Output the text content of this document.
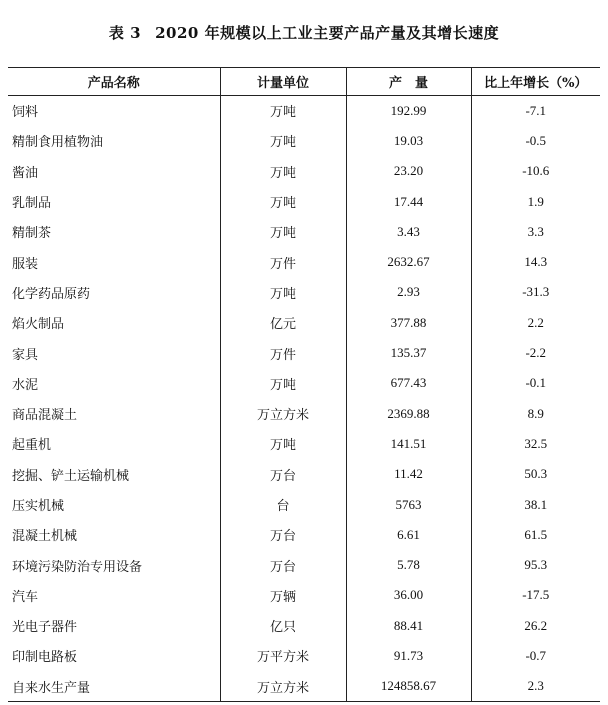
表 3 2020 年规模以上工业主要产品产量及其增长速度
产品名称	计量单位	产　量	比上年增长（%）
饲料	万吨	192.99	-7.1
精制食用植物油	万吨	19.03	-0.5
酱油	万吨	23.20	-10.6
乳制品	万吨	17.44	1.9
精制茶	万吨	3.43	3.3
服装	万件	2632.67	14.3
化学药品原药	万吨	2.93	-31.3
焰火制品	亿元	377.88	2.2
家具	万件	135.37	-2.2
水泥	万吨	677.43	-0.1
商品混凝土	万立方米	2369.88	8.9
起重机	万吨	141.51	32.5
挖掘、铲土运输机械	万台	11.42	50.3
压实机械	台	5763	38.1
混凝土机械	万台	6.61	61.5
环境污染防治专用设备	万台	5.78	95.3
汽车	万辆	36.00	-17.5
光电子器件	亿只	88.41	26.2
印制电路板	万平方米	91.73	-0.7
自来水生产量	万立方米	124858.67	2.3
